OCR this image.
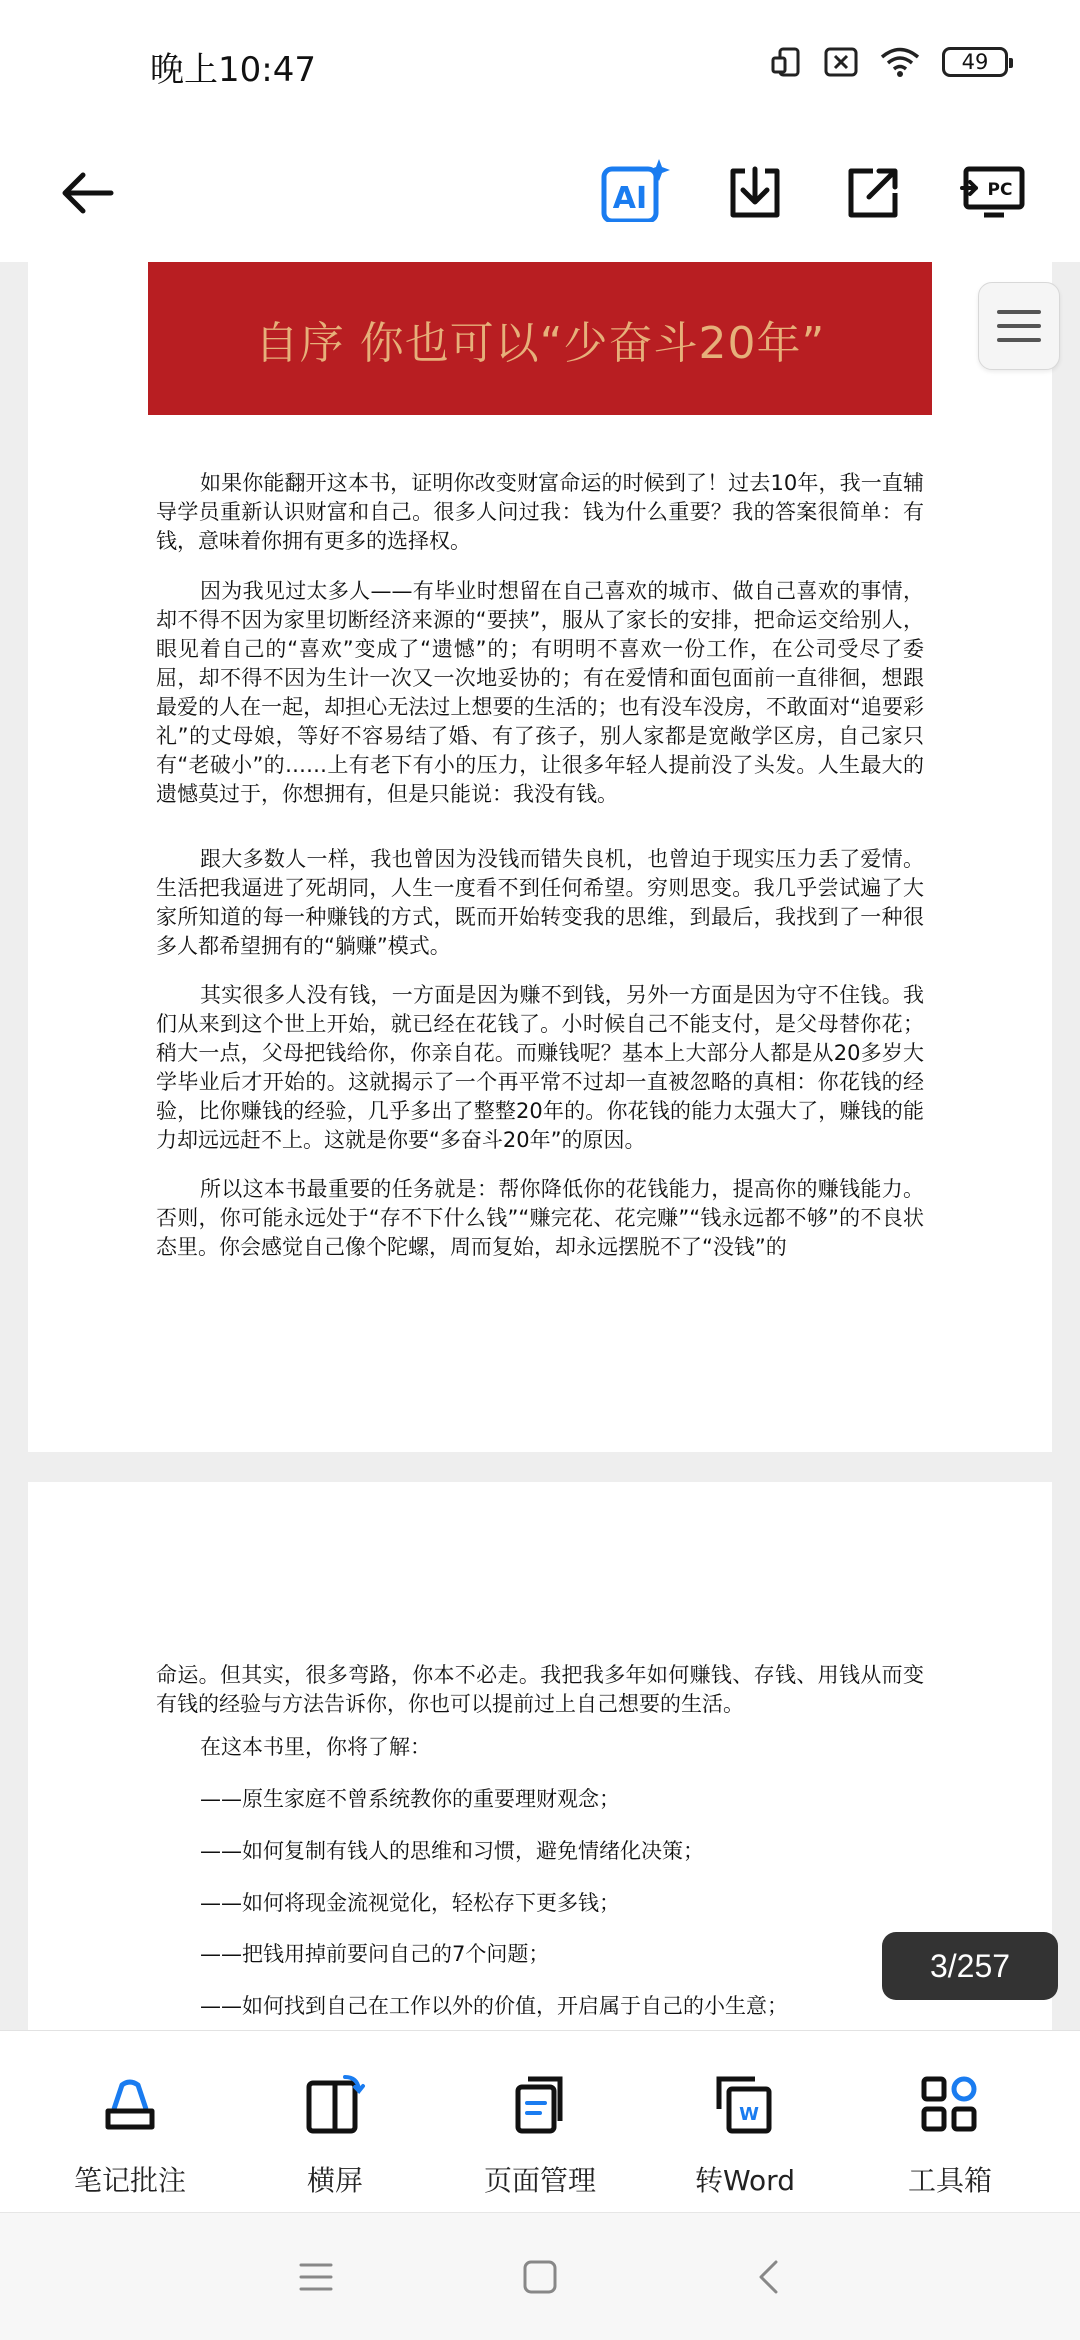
晚上10:47	49
AI	PC
自序 你也可以“少奋斗20年”

如果你能翻开这本书，证明你改变财富命运的时候到了！过去10年，我一直辅导学员重新认识财富和自己。很多人问过我：钱为什么重要？我的答案很简单：有钱，意味着你拥有更多的选择权。

因为我见过太多人——有毕业时想留在自己喜欢的城市、做自己喜欢的事情，却不得不因为家里切断经济来源的“要挟”，服从了家长的安排，把命运交给别人，眼见着自己的“喜欢”变成了“遗憾”的；有明明不喜欢一份工作，在公司受尽了委屈，却不得不因为生计一次又一次地妥协的；有在爱情和面包面前一直徘徊，想跟最爱的人在一起，却担心无法过上想要的生活的；也有没车没房，不敢面对“追要彩礼”的丈母娘，等好不容易结了婚、有了孩子，别人家都是宽敞学区房，自己家只有“老破小”的……上有老下有小的压力，让很多年轻人提前没了头发。人生最大的遗憾莫过于，你想拥有，但是只能说：我没有钱。

跟大多数人一样，我也曾因为没钱而错失良机，也曾迫于现实压力丢了爱情。生活把我逼进了死胡同，人生一度看不到任何希望。穷则思变。我几乎尝试遍了大家所知道的每一种赚钱的方式，既而开始转变我的思维，到最后，我找到了一种很多人都希望拥有的“躺赚”模式。

其实很多人没有钱，一方面是因为赚不到钱，另外一方面是因为守不住钱。我们从来到这个世上开始，就已经在花钱了。小时候自己不能支付，是父母替你花；稍大一点，父母把钱给你，你亲自花。而赚钱呢？基本上大部分人都是从20多岁大学毕业后才开始的。这就揭示了一个再平常不过却一直被忽略的真相：你花钱的经验，比你赚钱的经验，几乎多出了整整20年的。你花钱的能力太强大了，赚钱的能力却远远赶不上。这就是你要“多奋斗20年”的原因。

所以这本书最重要的任务就是：帮你降低你的花钱能力，提高你的赚钱能力。否则，你可能永远处于“存不下什么钱”“赚完花、花完赚”“钱永远都不够”的不良状态里。你会感觉自己像个陀螺，周而复始，却永远摆脱不了“没钱”的

命运。但其实，很多弯路，你本不必走。我把我多年如何赚钱、存钱、用钱从而变有钱的经验与方法告诉你，你也可以提前过上自己想要的生活。

在这本书里，你将了解：

——原生家庭不曾系统教你的重要理财观念；

——如何复制有钱人的思维和习惯，避免情绪化决策；

——如何将现金流视觉化，轻松存下更多钱；

——把钱用掉前要问自己的7个问题；

——如何找到自己在工作以外的价值，开启属于自己的小生意；

3/257
笔记批注	横屏	页面管理
W
转Word	工具箱
